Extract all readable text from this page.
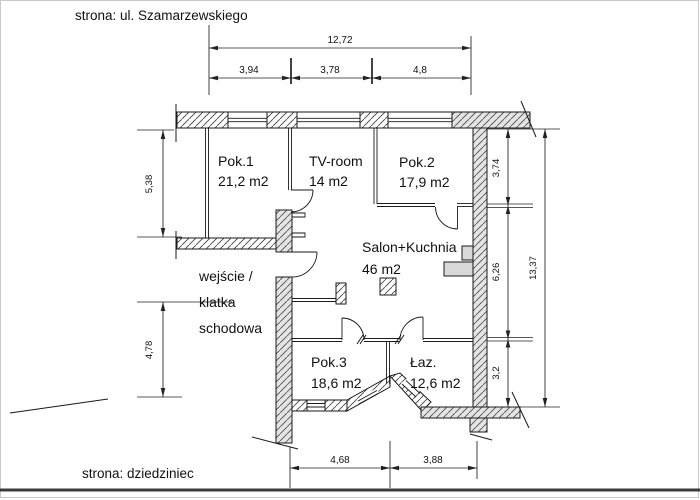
12,72
3,94	3,78	4,8
5,38
4,78
3,74
6,26
3,2
13,37
4,68	3,88
strona: ul. Szamarzewskiego
strona: dziedziniec
Pok.1
21,2 m2
TV-room
14 m2
Pok.2
17,9 m2
Salon+Kuchnia
46 m2
Pok.3
18,6 m2
Łaz.
12,6 m2
wejście /
klatka
schodowa
